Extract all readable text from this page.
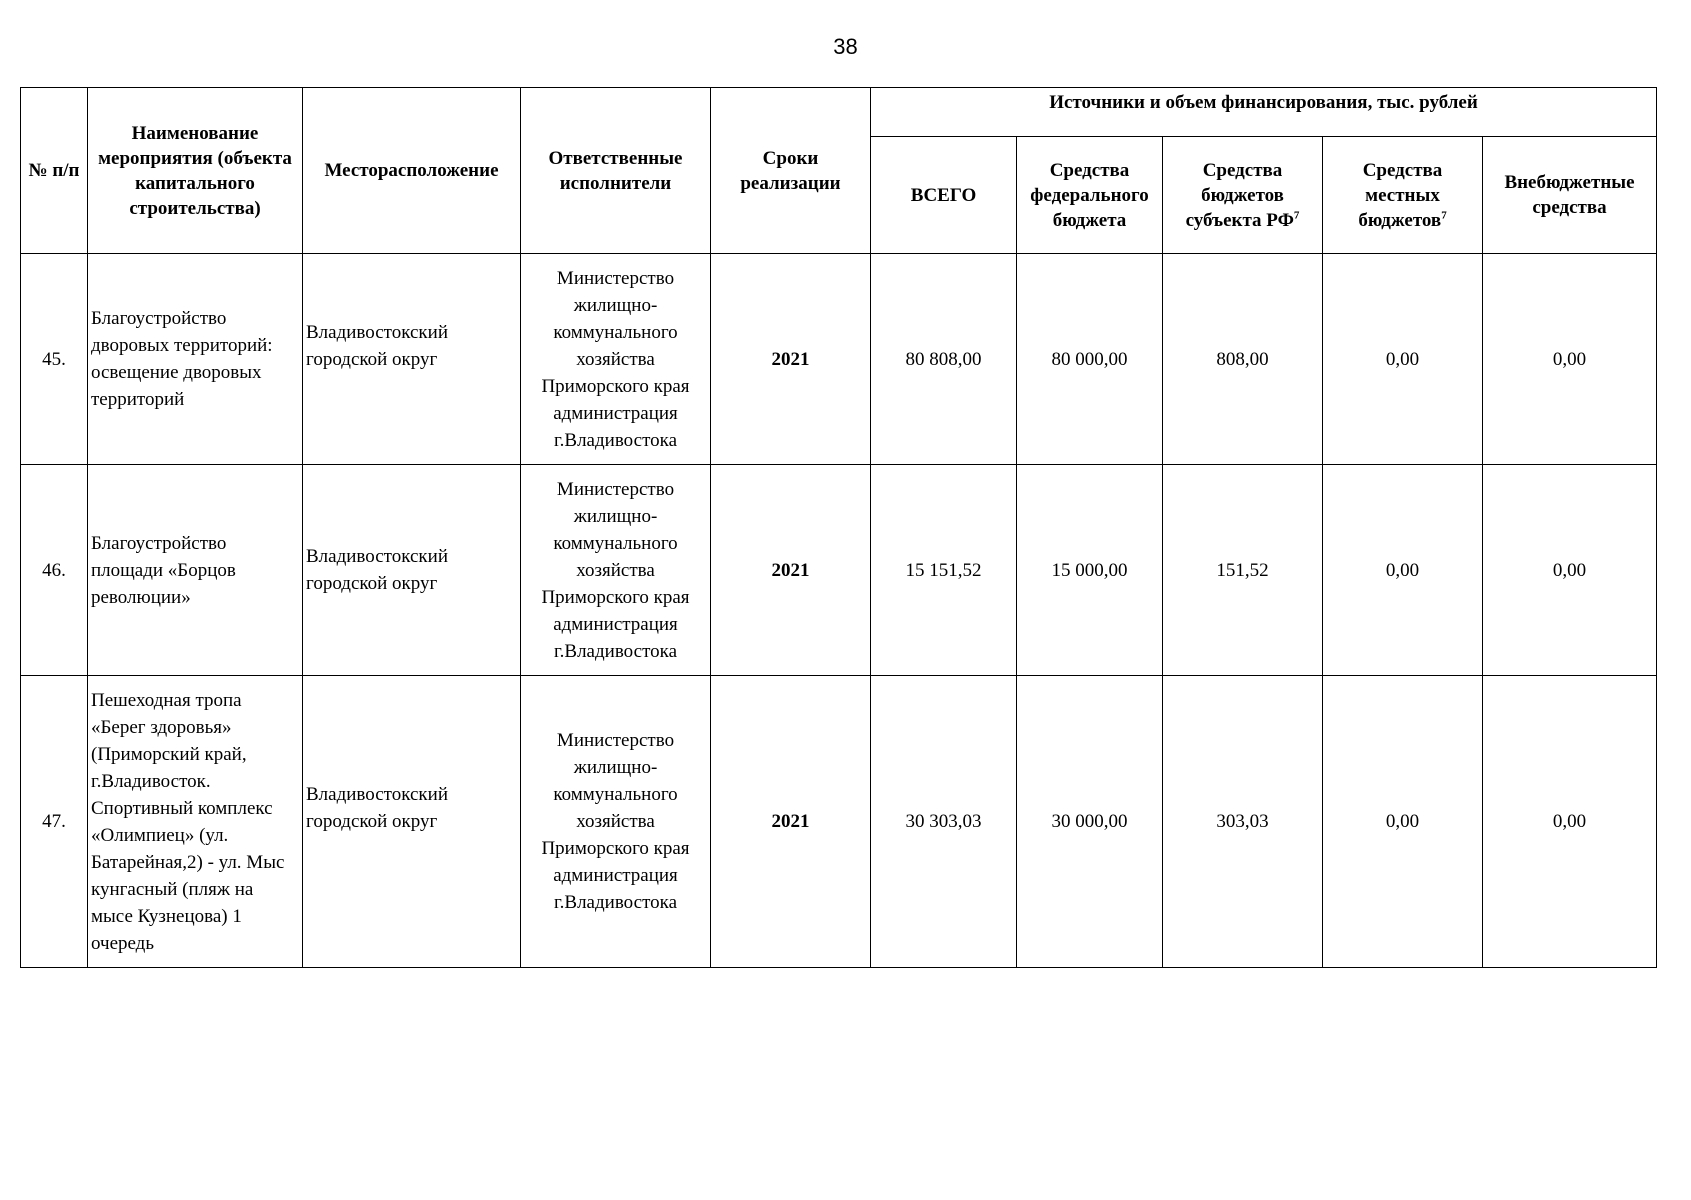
38
№ п/п	Наименование мероприятия (объекта капитального строительства)	Месторасположение	Ответственные исполнители	Сроки реализации	Источники и объем финансирования, тыс. рублей				
					ВСЕГО	Средства федерального бюджета	Средства бюджетов субъекта $РФ^7$	Средства местных бюджетов$^7$	Внебюджетные средства
45.	Благоустройство дворовых территорий: освещение дворовых территорий	Владивостокский городской округ	Министерство жилищно-коммунального хозяйства Приморского края администрация г.Владивостока	2021	80 808,00	80 000,00	808,00	0,00	0,00
46.	Благоустройство площади «Борцов революции»	Владивостокский городской округ	Министерство жилищно-коммунального хозяйства Приморского края администрация г.Владивостока	2021	15 151,52	15 000,00	151,52	0,00	0,00
47.	Пешеходная тропа «Берег здоровья» (Приморский край, г.Владивосток. Спортивный комплекс «Олимпиец» (ул. Батарейная,2) - ул. Мыс кунгасный (пляж на мысе Кузнецова) 1 очередь	Владивостокский городской округ	Министерство жилищно-коммунального хозяйства Приморского края администрация г.Владивостока	2021	30 303,03	30 000,00	303,03	0,00	0,00
